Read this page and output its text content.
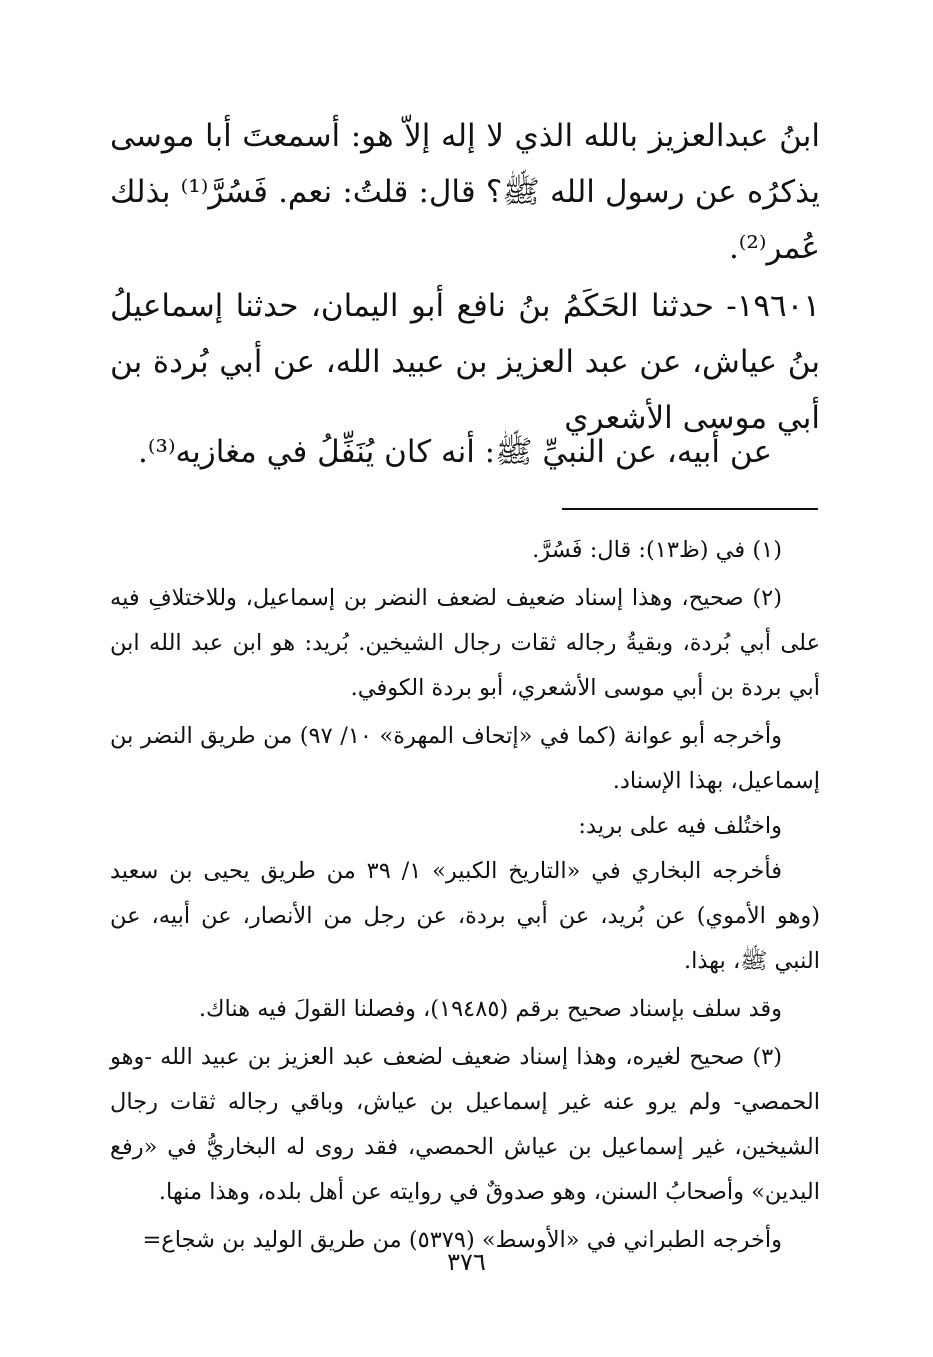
ابنُ عبدالعزيز بالله الذي لا إله إلاّ هو: أسمعتَ أبا موسى يذكرُه عن رسول الله ﷺ؟ قال: قلتُ: نعم. فَسُرَّ⁽¹⁾ بذلك عُمر⁽²⁾.

١٩٦٠١- حدثنا الحَكَمُ بنُ نافع أبو اليمان، حدثنا إسماعيلُ بنُ عياش، عن عبد العزيز بن عبيد الله، عن أبي بُردة بن أبي موسى الأشعري

عن أبيه، عن النبيِّ ﷺ: أنه كان يُنَفِّلُ في مغازيه⁽³⁾.

(١) في (ظ١٣): قال: فَسُرَّ.

(٢) صحيح، وهذا إسناد ضعيف لضعف النضر بن إسماعيل، وللاختلافِ فيه على أبي بُردة، وبقيةُ رجاله ثقات رجال الشيخين. بُريد: هو ابن عبد الله ابن أبي بردة بن أبي موسى الأشعري، أبو بردة الكوفي.

وأخرجه أبو عوانة (كما في «إتحاف المهرة» ١٠/ ٩٧) من طريق النضر بن إسماعيل، بهذا الإسناد.

واختُلف فيه على بريد:

فأخرجه البخاري في «التاريخ الكبير» ١/ ٣٩ من طريق يحيى بن سعيد (وهو الأموي) عن بُريد، عن أبي بردة، عن رجل من الأنصار، عن أبيه، عن النبي ﷺ، بهذا.

وقد سلف بإسناد صحيح برقم (١٩٤٨٥)، وفصلنا القولَ فيه هناك.

(٣) صحيح لغيره، وهذا إسناد ضعيف لضعف عبد العزيز بن عبيد الله -وهو الحمصي- ولم يرو عنه غير إسماعيل بن عياش، وباقي رجاله ثقات رجال الشيخين، غير إسماعيل بن عياش الحمصي، فقد روى له البخاريُّ في «رفع اليدين» وأصحابُ السنن، وهو صدوقٌ في روايته عن أهل بلده، وهذا منها.

وأخرجه الطبراني في «الأوسط» (٥٣٧٩) من طريق الوليد بن شجاع=

٣٧٦
